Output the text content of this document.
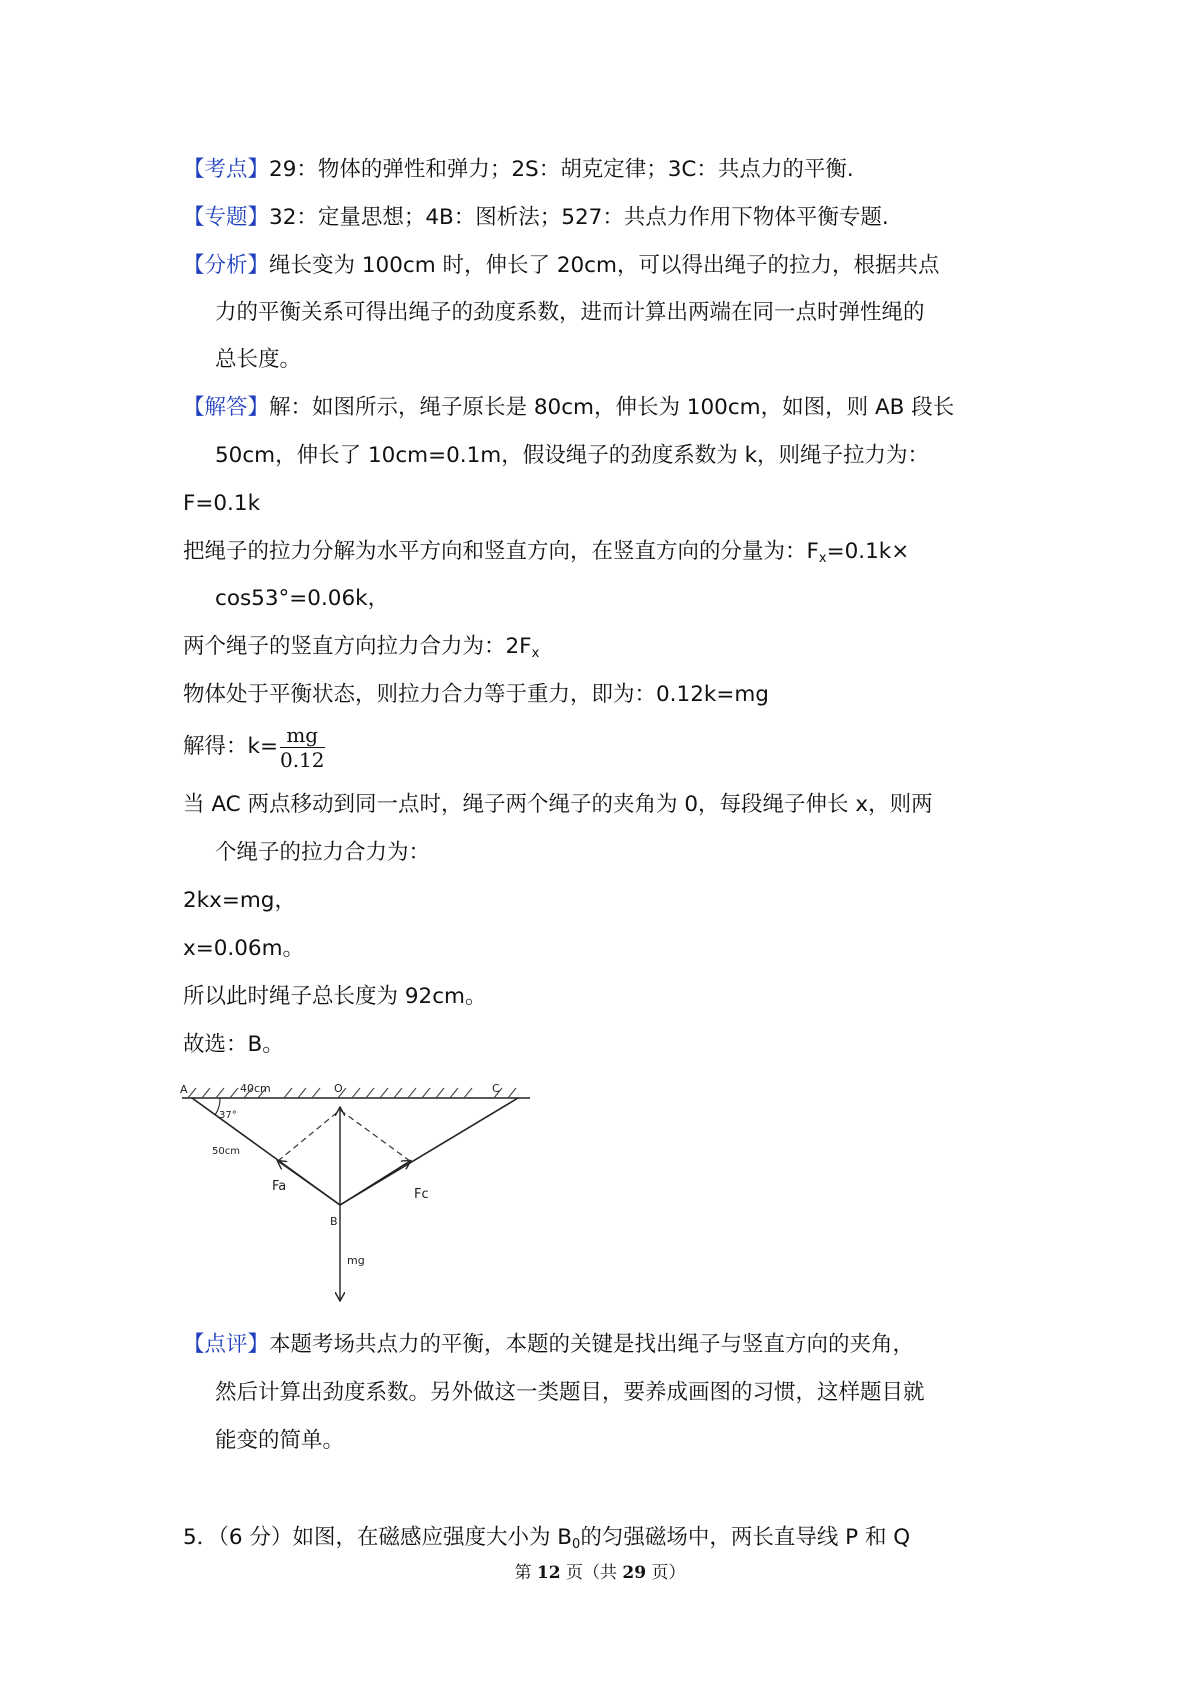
【考点】29：物体的弹性和弹力；2S：胡克定律；3C：共点力的平衡.
【专题】32：定量思想；4B：图析法；527：共点力作用下物体平衡专题.
【分析】绳长变为 100cm 时，伸长了 20cm，可以得出绳子的拉力，根据共点
力的平衡关系可得出绳子的劲度系数，进而计算出两端在同一点时弹性绳的
总长度。
【解答】解：如图所示，绳子原长是 80cm，伸长为 100cm，如图，则 AB 段长
50cm，伸长了 10cm=0.1m，假设绳子的劲度系数为 k，则绳子拉力为：
F=0.1k
把绳子的拉力分解为水平方向和竖直方向，在竖直方向的分量为：$F_x=0.1k\times$
cos53°=0.06k，
两个绳子的竖直方向拉力合力为：$2F_x$
物体处于平衡状态，则拉力合力等于重力，即为：0.12k=mg
解得：$k= \frac{mg}{0.12}$
当 AC 两点移动到同一点时，绳子两个绳子的夹角为 0，每段绳子伸长 x，则两
个绳子的拉力合力为：
2kx=mg，
x=0.06m。
所以此时绳子总长度为 92cm。
故选：B。
A	40cm	O	C
37°
50cm
Fa
Fc
B
mg
【点评】本题考场共点力的平衡，本题的关键是找出绳子与竖直方向的夹角，
然后计算出劲度系数。另外做这一类题目，要养成画图的习惯，这样题目就
能变的简单。
5．（6 分）如图，在磁感应强度大小为 $B_0$的匀强磁场中，两长直导线 P 和 Q
第 12 页（共 29 页）
